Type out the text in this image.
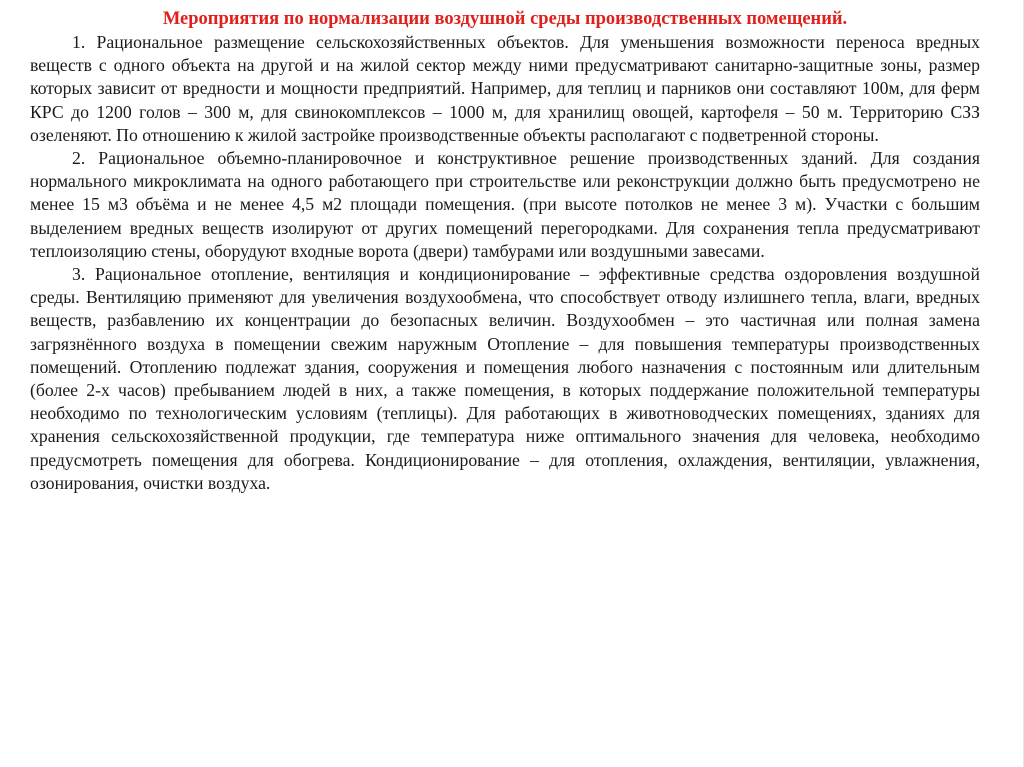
Мероприятия по нормализации воздушной среды производственных помещений.

1. Рациональное размещение сельскохозяйственных объектов. Для уменьшения возможности переноса вредных веществ с одного объекта на другой и на жилой сектор между ними предусматривают санитарно-защитные зоны, размер которых зависит от вредности и мощности предприятий. Например, для теплиц и парников они составляют 100м, для ферм КРС до 1200 голов – 300 м, для свинокомплексов – 1000 м, для хранилищ овощей, картофеля – 50 м. Территорию СЗЗ озеленяют. По отношению к жилой застройке производственные объекты располагают с подветренной стороны.

2. Рациональное объемно-планировочное и конструктивное решение производственных зданий. Для создания нормального микроклимата на одного работающего при строительстве или реконструкции должно быть предусмотрено не менее 15 м3 объёма и не менее 4,5 м2 площади помещения. (при высоте потолков не менее 3 м). Участки с большим выделением вредных веществ изолируют от других помещений перегородками. Для сохранения тепла предусматривают теплоизоляцию стены, оборудуют входные ворота (двери) тамбурами или воздушными завесами.

3. Рациональное отопление, вентиляция и кондиционирование – эффективные средства оздоровления воздушной среды. Вентиляцию применяют для увеличения воздухообмена, что способствует отводу излишнего тепла, влаги, вредных веществ, разбавлению их концентрации до безопасных величин. Воздухообмен – это частичная или полная замена загрязнённого воздуха в помещении свежим наружным Отопление – для повышения температуры производственных помещений. Отоплению подлежат здания, сооружения и помещения любого назначения с постоянным или длительным (более 2-х часов) пребыванием людей в них, а также помещения, в которых поддержание положительной температуры необходимо по технологическим условиям (теплицы). Для работающих в животноводческих помещениях, зданиях для хранения сельскохозяйственной продукции, где температура ниже оптимального значения для человека, необходимо предусмотреть помещения для обогрева. Кондиционирование – для отопления, охлаждения, вентиляции, увлажнения, озонирования, очистки воздуха.
